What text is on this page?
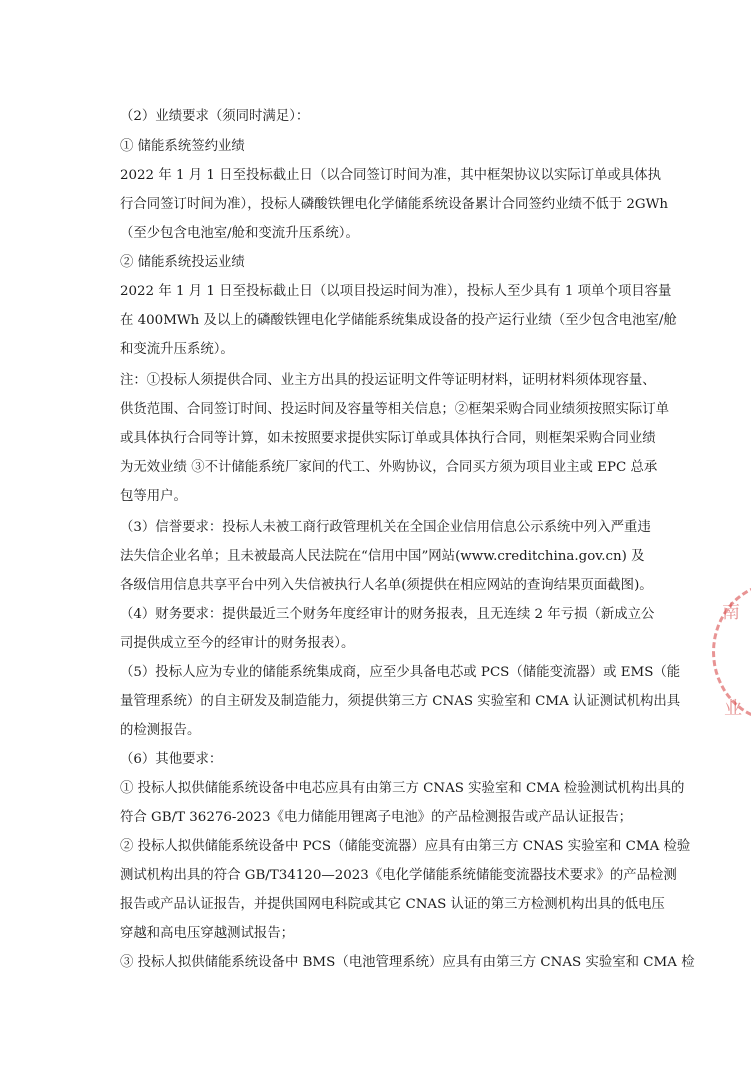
（2）业绩要求（须同时满足）：
① 储能系统签约业绩
2022 年 1 月 1 日至投标截止日（以合同签订时间为准，其中框架协议以实际订单或具体执
行合同签订时间为准），投标人磷酸铁锂电化学储能系统设备累计合同签约业绩不低于 2GWh
（至少包含电池室/舱和变流升压系统）。
② 储能系统投运业绩
2022 年 1 月 1 日至投标截止日（以项目投运时间为准），投标人至少具有 1 项单个项目容量
在 400MWh 及以上的磷酸铁锂电化学储能系统集成设备的投产运行业绩（至少包含电池室/舱
和变流升压系统）。
注：①投标人须提供合同、业主方出具的投运证明文件等证明材料，证明材料须体现容量、
供货范围、合同签订时间、投运时间及容量等相关信息；②框架采购合同业绩须按照实际订单
或具体执行合同等计算，如未按照要求提供实际订单或具体执行合同，则框架采购合同业绩
为无效业绩 ③不计储能系统厂家间的代工、外购协议，合同买方须为项目业主或 EPC 总承
包等用户。
（3）信誉要求：投标人未被工商行政管理机关在全国企业信用信息公示系统中列入严重违
法失信企业名单；且未被最高人民法院在“信用中国”网站(www.creditchina.gov.cn) 及
各级信用信息共享平台中列入失信被执行人名单(须提供在相应网站的查询结果页面截图)。
（4）财务要求：提供最近三个财务年度经审计的财务报表，且无连续 2 年亏损（新成立公
司提供成立至今的经审计的财务报表）。
（5）投标人应为专业的储能系统集成商，应至少具备电芯或 PCS（储能变流器）或 EMS（能
量管理系统）的自主研发及制造能力，须提供第三方 CNAS 实验室和 CMA 认证测试机构出具
的检测报告。
（6）其他要求：
① 投标人拟供储能系统设备中电芯应具有由第三方 CNAS 实验室和 CMA 检验测试机构出具的
符合 GB/T 36276-2023《电力储能用锂离子电池》的产品检测报告或产品认证报告；
② 投标人拟供储能系统设备中 PCS（储能变流器）应具有由第三方 CNAS 实验室和 CMA 检验
测试机构出具的符合 GB/T34120—2023《电化学储能系统储能变流器技术要求》的产品检测
报告或产品认证报告，并提供国网电科院或其它 CNAS 认证的第三方检测机构出具的低电压
穿越和高电压穿越测试报告；
③ 投标人拟供储能系统设备中 BMS（电池管理系统）应具有由第三方 CNAS 实验室和 CMA 检
南
业
